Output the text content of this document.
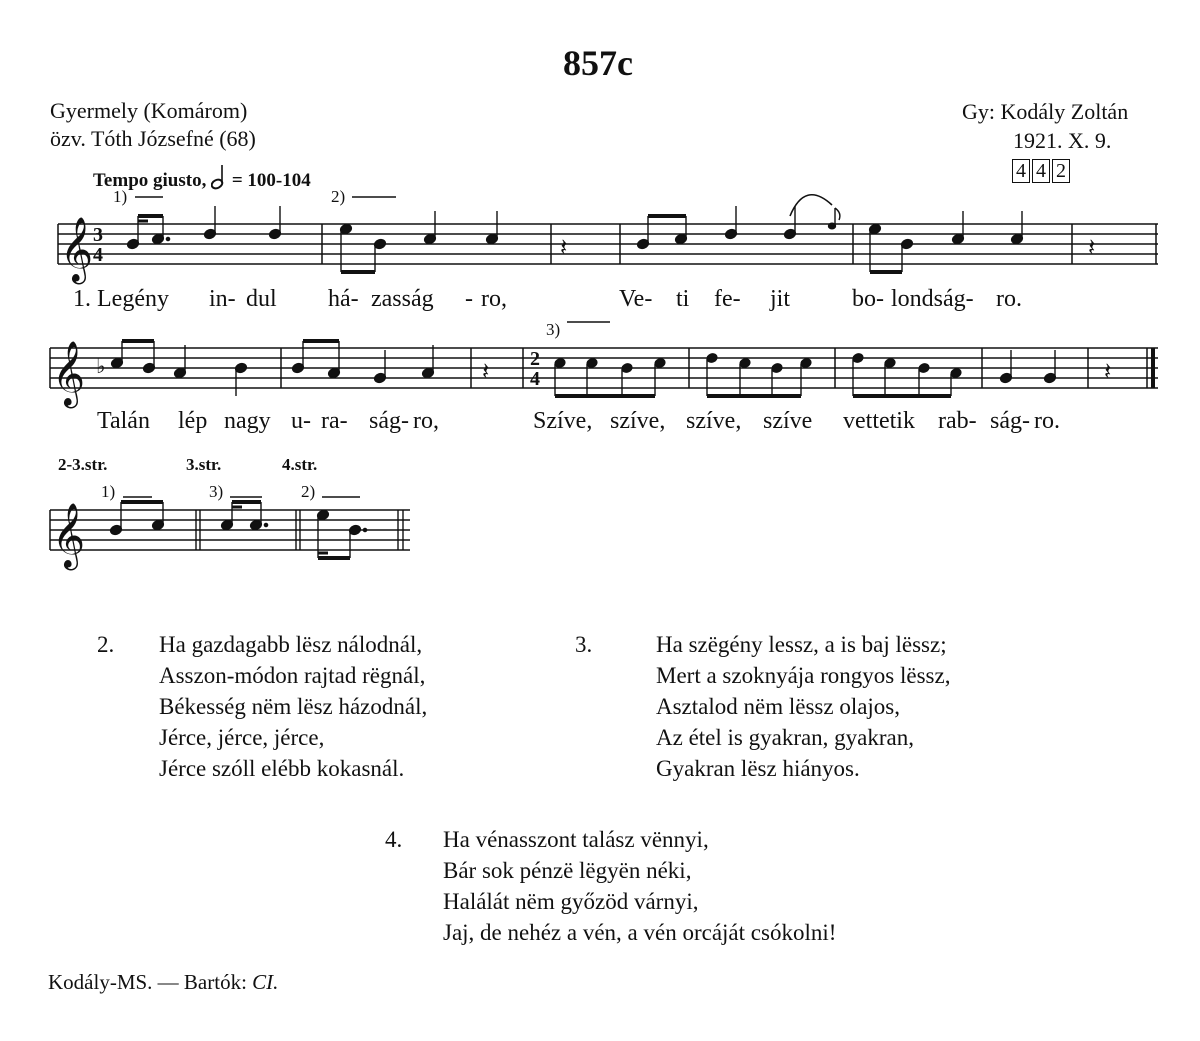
857c
Gyermely (Komárom)
özv. Tóth Józsefné (68)
Gy: Kodály Zoltán
1921. X. 9.
4 4 2
Tempo giusto, = 100-104
𝄞 3
4	𝄽	𝄽
1)	2)
1. Legény in- dul há- zasság - ro,	Ve- ti fe- jit	bo- londság- ro.
𝄞 ♭	𝄽 2
4	𝄽
3)
Talán lép nagy u- ra- ság- ro,	Szíve, szíve, szíve, szíve vettetik rab- ság- ro.
2-3.str.	3.str.	4.str.
1)	3)	2)
𝄞
2. Ha gazdagabb lësz nálodnál,
Asszon-módon rajtad rëgnál,
Békesség nëm lësz házodnál,
Jérce, jérce, jérce,
Jérce szóll elébb kokasnál.
3.	Ha szëgény lessz, a is baj lëssz;
Mert a szoknyája rongyos lëssz,
Asztalod nëm lëssz olajos,
Az étel is gyakran, gyakran,
Gyakran lësz hiányos.
4. Ha vénasszont talász vënnyi,
Bár sok pénzë lëgyën néki,
Halálát nëm győzöd várnyi,
Jaj, de nehéz a vén, a vén orcáját csókolni!
Kodály-MS. — Bartók: CI.
